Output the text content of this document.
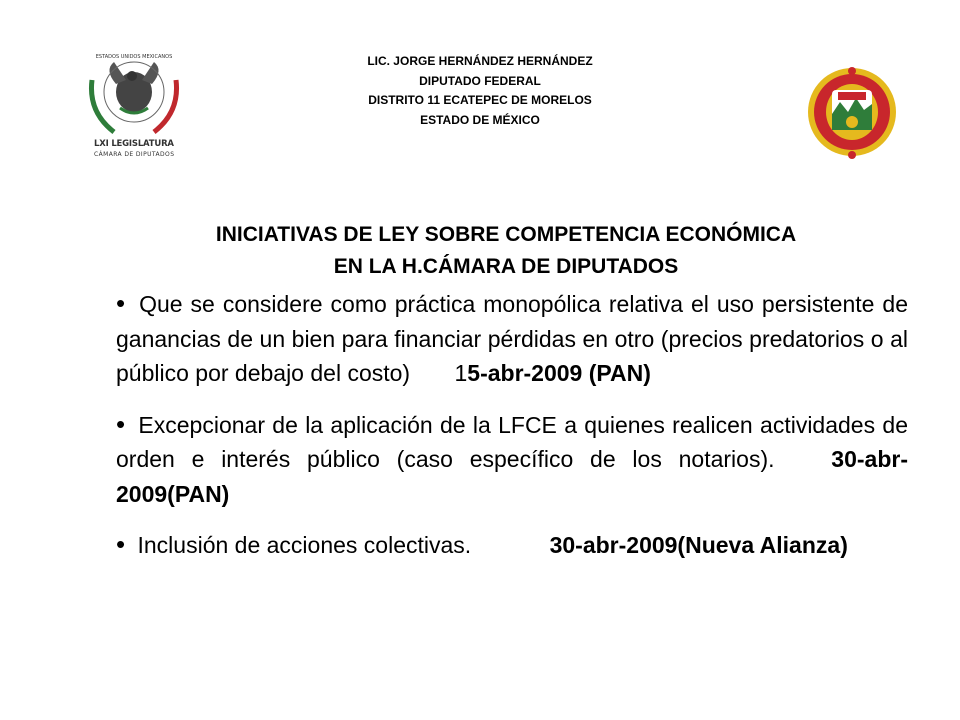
ESTADOS UNIDOS MEXICANOS
LXI LEGISLATURA
CÁMARA DE DIPUTADOS
LIC. JORGE HERNÁNDEZ HERNÁNDEZ
DIPUTADO FEDERAL
DISTRITO 11 ECATEPEC DE MORELOS
ESTADO DE MÉXICO
INICIATIVAS DE LEY SOBRE COMPETENCIA ECONÓMICA
EN LA H.CÁMARA DE DIPUTADOS
• Que se considere como práctica monopólica relativa el uso persistente de ganancias de un bien para financiar pérdidas en otro (precios predatorios o al público por debajo del costo) 15-abr-2009 (PAN)
• Excepcionar de la aplicación de la LFCE a quienes realicen actividades de orden e interés público (caso específico de los notarios). 30-abr-2009(PAN)
• Inclusión de acciones colectivas.	30-abr-2009(Nueva Alianza)
